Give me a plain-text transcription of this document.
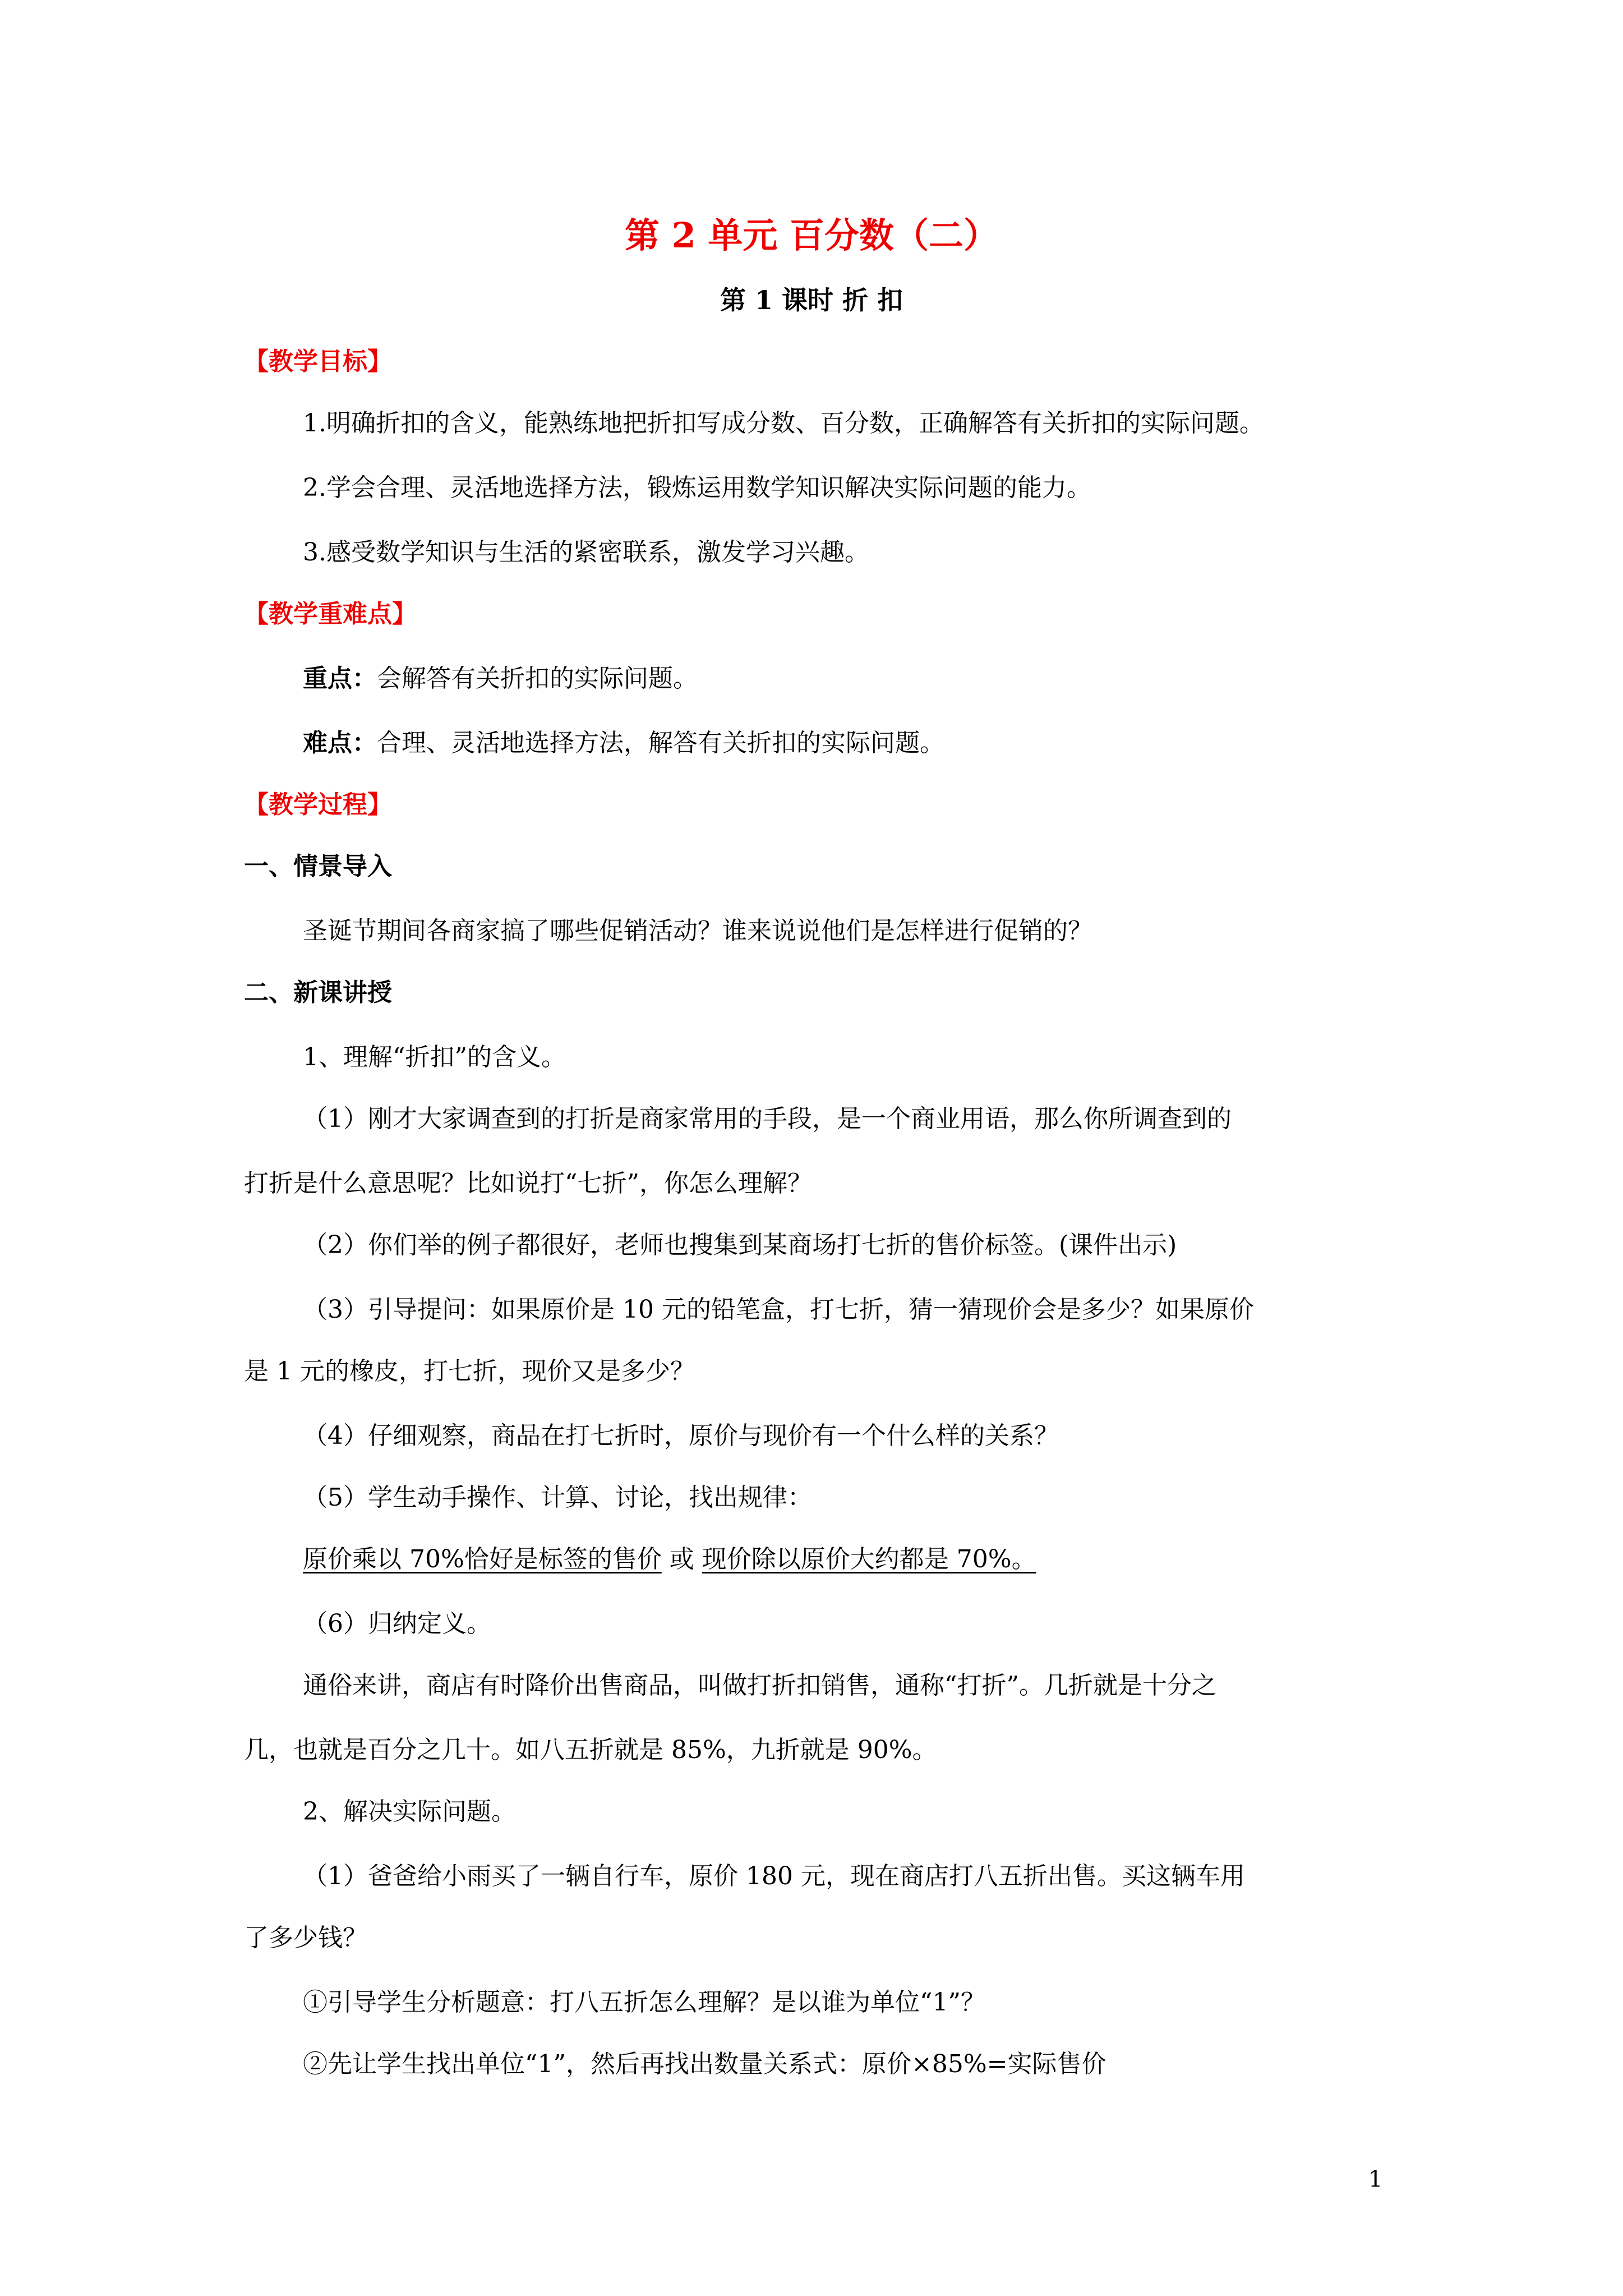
第 2 单元 百分数（二）
第 1 课时 折 扣
【教学目标】
1.明确折扣的含义，能熟练地把折扣写成分数、百分数，正确解答有关折扣的实际问题。
2.学会合理、灵活地选择方法，锻炼运用数学知识解决实际问题的能力。
3.感受数学知识与生活的紧密联系，激发学习兴趣。
【教学重难点】
重点：会解答有关折扣的实际问题。
难点：合理、灵活地选择方法，解答有关折扣的实际问题。
【教学过程】
一、情景导入
圣诞节期间各商家搞了哪些促销活动？谁来说说他们是怎样进行促销的？
二、新课讲授
1、理解“折扣”的含义。
（1）刚才大家调查到的打折是商家常用的手段，是一个商业用语，那么你所调查到的
打折是什么意思呢？比如说打“七折”，你怎么理解？
（2）你们举的例子都很好，老师也搜集到某商场打七折的售价标签。(课件出示)
（3）引导提问：如果原价是 10 元的铅笔盒，打七折，猜一猜现价会是多少？如果原价
是 1 元的橡皮，打七折，现价又是多少？
（4）仔细观察，商品在打七折时，原价与现价有一个什么样的关系？
（5）学生动手操作、计算、讨论，找出规律：
原价乘以 70%恰好是标签的售价 或 现价除以原价大约都是 70%。
（6）归纳定义。
通俗来讲，商店有时降价出售商品，叫做打折扣销售，通称“打折”。几折就是十分之
几，也就是百分之几十。如八五折就是 85%，九折就是 90%。
2、解决实际问题。
（1）爸爸给小雨买了一辆自行车，原价 180 元，现在商店打八五折出售。买这辆车用
了多少钱？
①引导学生分析题意：打八五折怎么理解？是以谁为单位“1”？
②先让学生找出单位“1”，然后再找出数量关系式：原价×85%=实际售价
1
